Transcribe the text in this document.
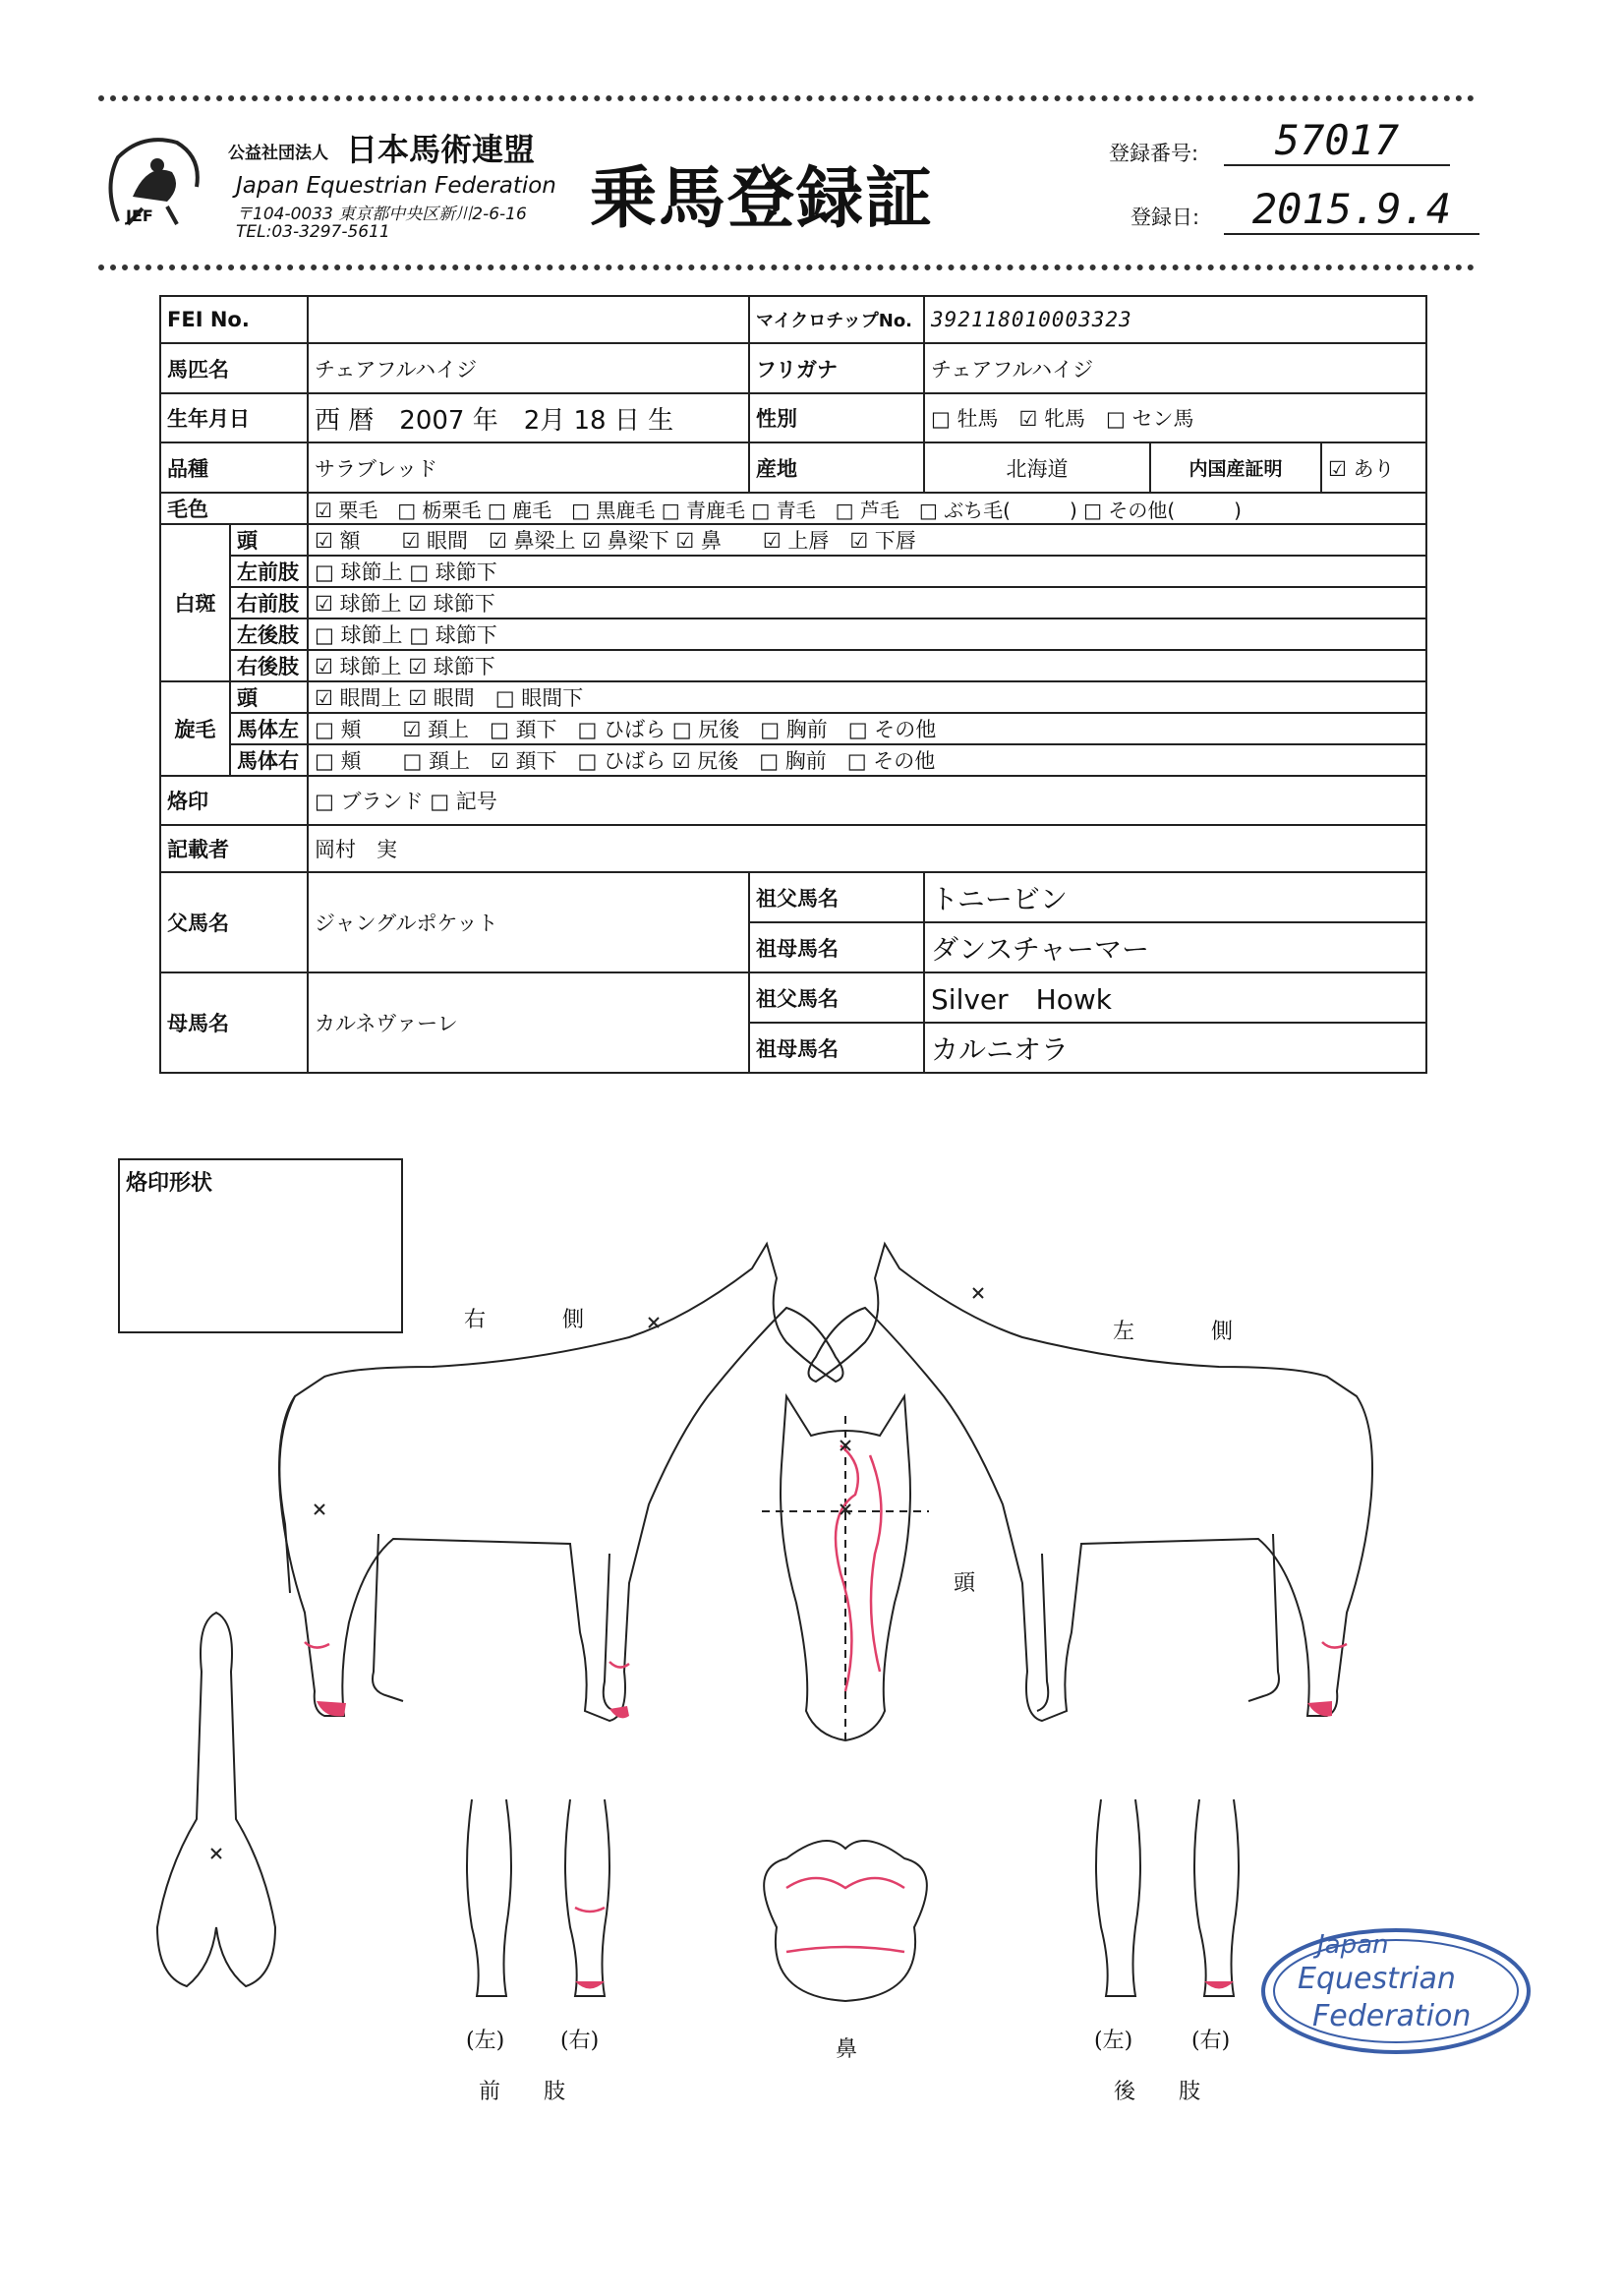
JEF
公益社団法人 日本馬術連盟
Japan Equestrian Federation
〒104-0033 東京都中央区新川2-6-16
TEL:03-3297-5611	乗馬登録証
登録番号:	57017
登録日:	2015.9.4
FEI No.			マイクロチップNo.	392118010003323		
馬匹名		チェアフルハイジ	フリガナ	チェアフルハイジ		
生年月日		西 暦　2007 年　2月 18 日 生	性別	□ 牡馬　☑ 牝馬　□ セン馬		
品種		サラブレッド	産地	北海道	内国産証明	☑ あり
毛色		☑ 栗毛　□ 栃栗毛 □ 鹿毛　□ 黒鹿毛 □ 青鹿毛 □ 青毛　□ 芦毛　□ ぶち毛(　　　) □ その他(　　　)				
白斑	頭	☑ 額　　☑ 眼間　☑ 鼻梁上 ☑ 鼻梁下 ☑ 鼻　　☑ 上唇　☑ 下唇				
	左前肢	□ 球節上 □ 球節下				
	右前肢	☑ 球節上 ☑ 球節下				
	左後肢	□ 球節上 □ 球節下				
	右後肢	☑ 球節上 ☑ 球節下				
旋毛	頭	☑ 眼間上 ☑ 眼間　□ 眼間下				
	馬体左	□ 頬　　☑ 頚上　□ 頚下　□ ひばら □ 尻後　□ 胸前　□ その他				
	馬体右	□ 頬　　□ 頚上　☑ 頚下　□ ひばら ☑ 尻後　□ 胸前　□ その他				
烙印		□ ブランド □ 記号				
記載者		岡村　実				
父馬名		ジャングルポケット	祖父馬名	トニービン		
			祖母馬名	ダンスチャーマー		
母馬名		カルネヴァーレ	祖父馬名	Silver　Howk		
			祖母馬名	カルニオラ		
烙印形状
右　側	左　側
頭
鼻
(左)	(右)
前　　肢
(左)	(右)
後　　肢
Japan
Equestrian
Federation
